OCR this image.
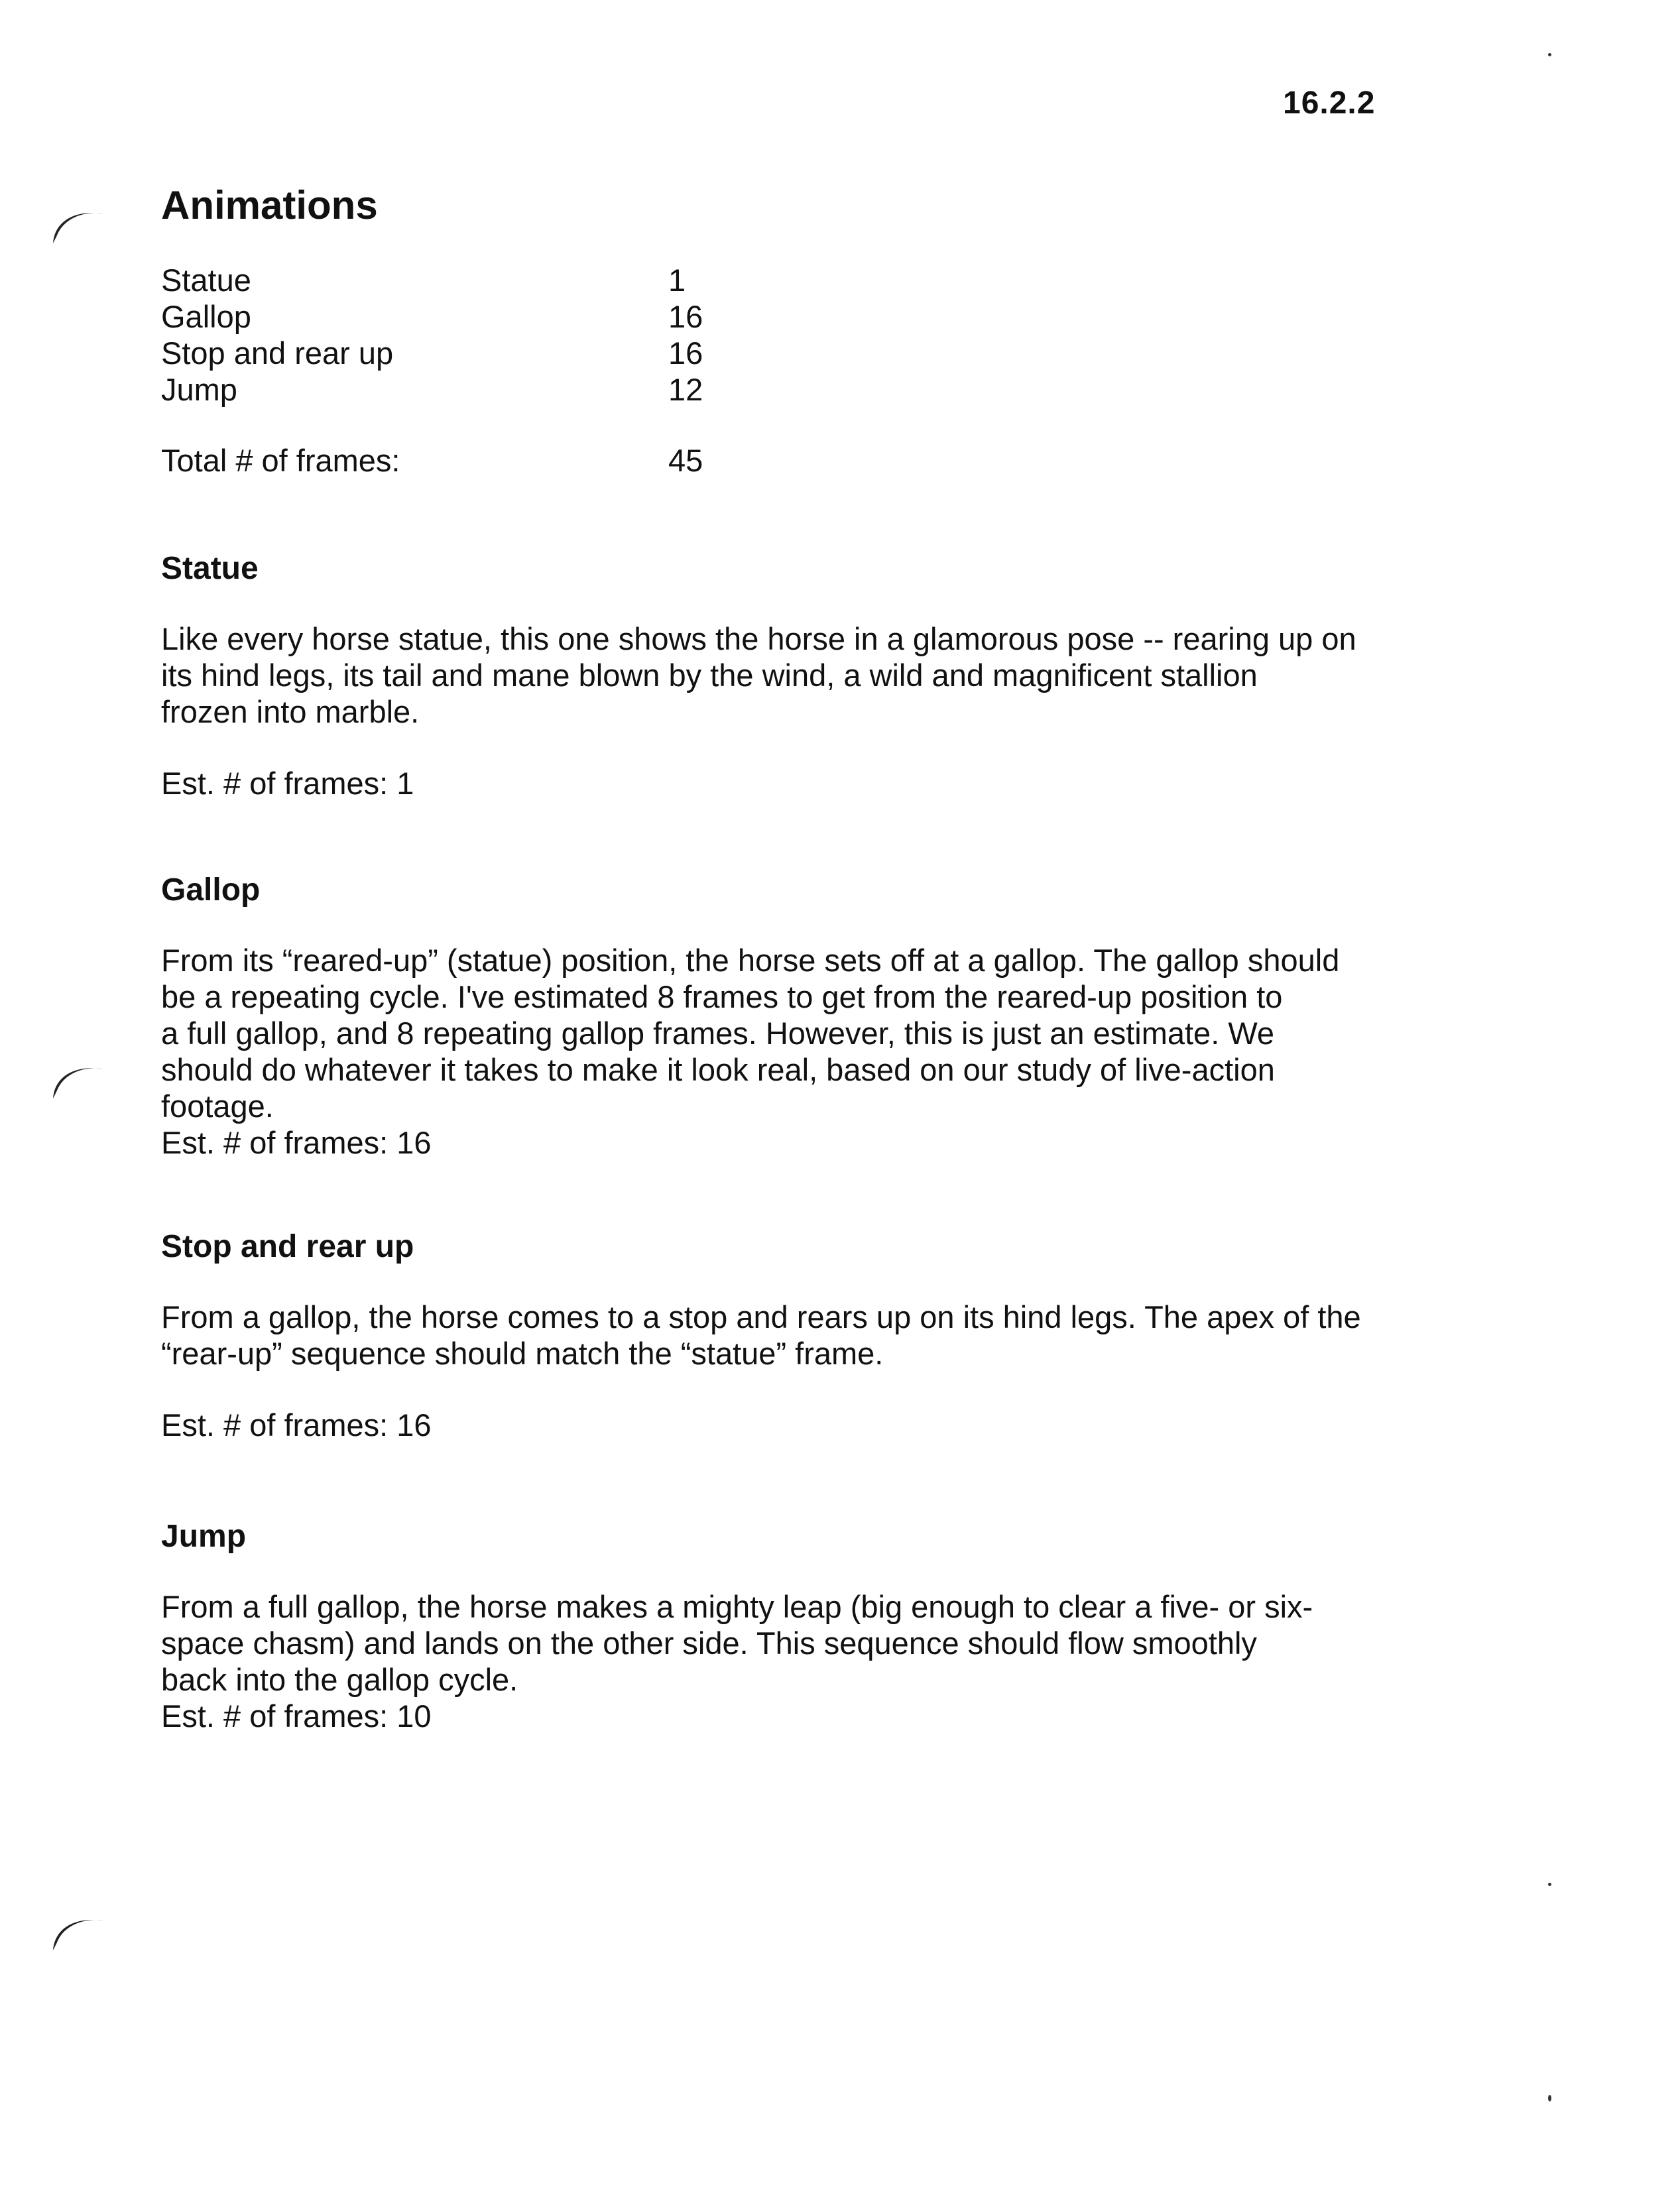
16.2.2
Animations
Statue	1
Gallop	16
Stop and rear up	16
Jump	12
Total # of frames:	45
Statue
Like every horse statue, this one shows the horse in a glamorous pose -- rearing up on
its hind legs, its tail and mane blown by the wind, a wild and magnificent stallion
frozen into marble.
Est. # of frames: 1
Gallop
From its “reared-up” (statue) position, the horse sets off at a gallop. The gallop should
be a repeating cycle. I've estimated 8 frames to get from the reared-up position to
a full gallop, and 8 repeating gallop frames. However, this is just an estimate. We
should do whatever it takes to make it look real, based on our study of live-action
footage.
Est. # of frames: 16
Stop and rear up
From a gallop, the horse comes to a stop and rears up on its hind legs. The apex of the
“rear-up” sequence should match the “statue” frame.
Est. # of frames: 16
Jump
From a full gallop, the horse makes a mighty leap (big enough to clear a five- or six-
space chasm) and lands on the other side. This sequence should flow smoothly
back into the gallop cycle.
Est. # of frames: 10
